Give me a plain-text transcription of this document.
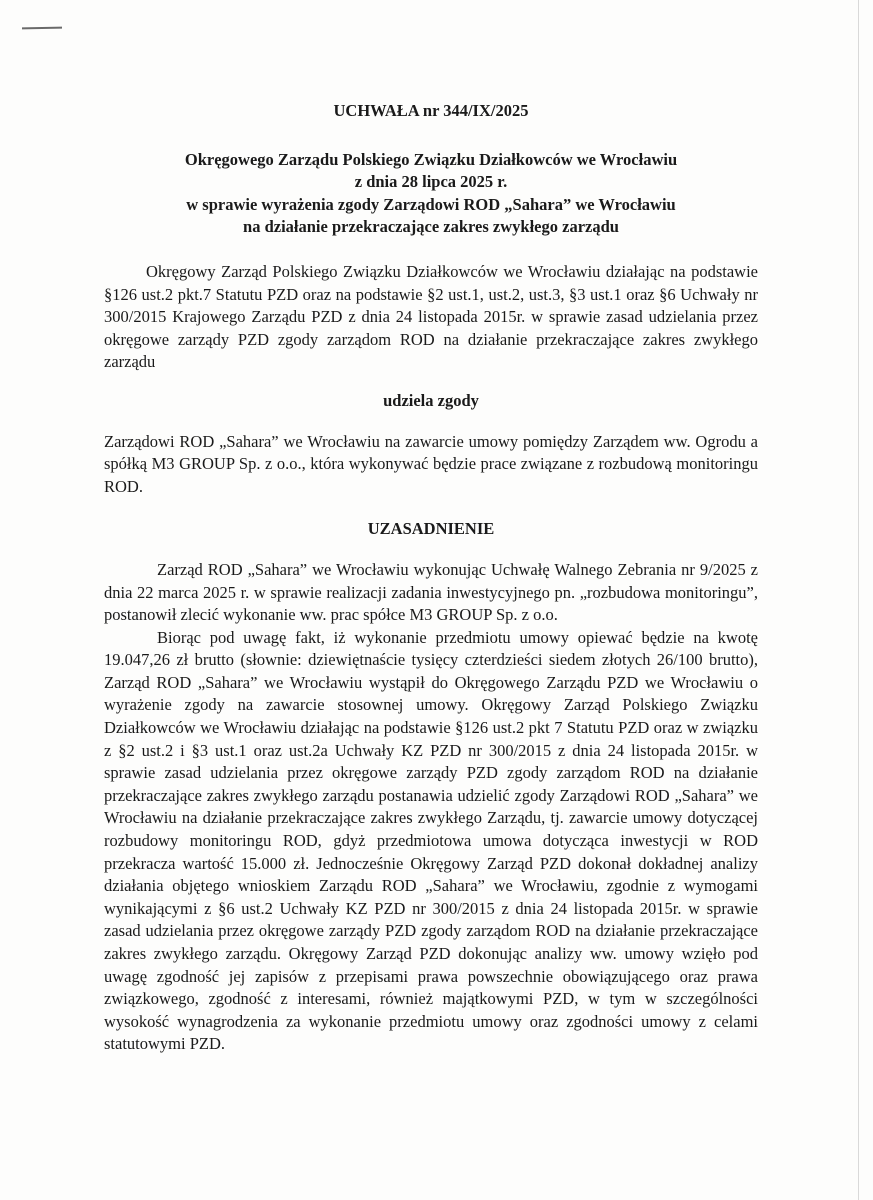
UCHWAŁA nr 344/IX/2025
Okręgowego Zarządu Polskiego Związku Działkowców we Wrocławiu
z dnia 28 lipca 2025 r.
w sprawie wyrażenia zgody Zarządowi ROD „Sahara” we Wrocławiu
na działanie przekraczające zakres zwykłego zarządu

Okręgowy Zarząd Polskiego Związku Działkowców we Wrocławiu działając na podstawie §126 ust.2 pkt.7 Statutu PZD oraz na podstawie §2 ust.1, ust.2, ust.3, §3 ust.1 oraz §6 Uchwały nr 300/2015 Krajowego Zarządu PZD z dnia 24 listopada 2015r. w sprawie zasad udzielania przez okręgowe zarządy PZD zgody zarządom ROD na działanie przekraczające zakres zwykłego zarządu

udziela zgody

Zarządowi ROD „Sahara” we Wrocławiu na zawarcie umowy pomiędzy Zarządem ww. Ogrodu a spółką M3 GROUP Sp. z o.o., która wykonywać będzie prace związane z rozbudową monitoringu ROD.

UZASADNIENIE

Zarząd ROD „Sahara” we Wrocławiu wykonując Uchwałę Walnego Zebrania nr 9/2025 z dnia 22 marca 2025 r. w sprawie realizacji zadania inwestycyjnego pn. „rozbudowa monitoringu”, postanowił zlecić wykonanie ww. prac spółce M3 GROUP Sp. z o.o.

Biorąc pod uwagę fakt, iż wykonanie przedmiotu umowy opiewać będzie na kwotę 19.047,26 zł brutto (słownie: dziewiętnaście tysięcy czterdzieści siedem złotych 26/100 brutto), Zarząd ROD „Sahara” we Wrocławiu wystąpił do Okręgowego Zarządu PZD we Wrocławiu o wyrażenie zgody na zawarcie stosownej umowy. Okręgowy Zarząd Polskiego Związku Działkowców we Wrocławiu działając na podstawie §126 ust.2 pkt 7 Statutu PZD oraz w związku z §2 ust.2 i §3 ust.1 oraz ust.2a Uchwały KZ PZD nr 300/2015 z dnia 24 listopada 2015r. w sprawie zasad udzielania przez okręgowe zarządy PZD zgody zarządom ROD na działanie przekraczające zakres zwykłego zarządu postanawia udzielić zgody Zarządowi ROD „Sahara” we Wrocławiu na działanie przekraczające zakres zwykłego Zarządu, tj. zawarcie umowy dotyczącej rozbudowy monitoringu ROD, gdyż przedmiotowa umowa dotycząca inwestycji w ROD przekracza wartość 15.000 zł. Jednocześnie Okręgowy Zarząd PZD dokonał dokładnej analizy działania objętego wnioskiem Zarządu ROD „Sahara” we Wrocławiu, zgodnie z wymogami wynikającymi z §6 ust.2 Uchwały KZ PZD nr 300/2015 z dnia 24 listopada 2015r. w sprawie zasad udzielania przez okręgowe zarządy PZD zgody zarządom ROD na działanie przekraczające zakres zwykłego zarządu. Okręgowy Zarząd PZD dokonując analizy ww. umowy wzięło pod uwagę zgodność jej zapisów z przepisami prawa powszechnie obowiązującego oraz prawa związkowego, zgodność z interesami, również majątkowymi PZD, w tym w szczególności wysokość wynagrodzenia za wykonanie przedmiotu umowy oraz zgodności umowy z celami statutowymi PZD.
